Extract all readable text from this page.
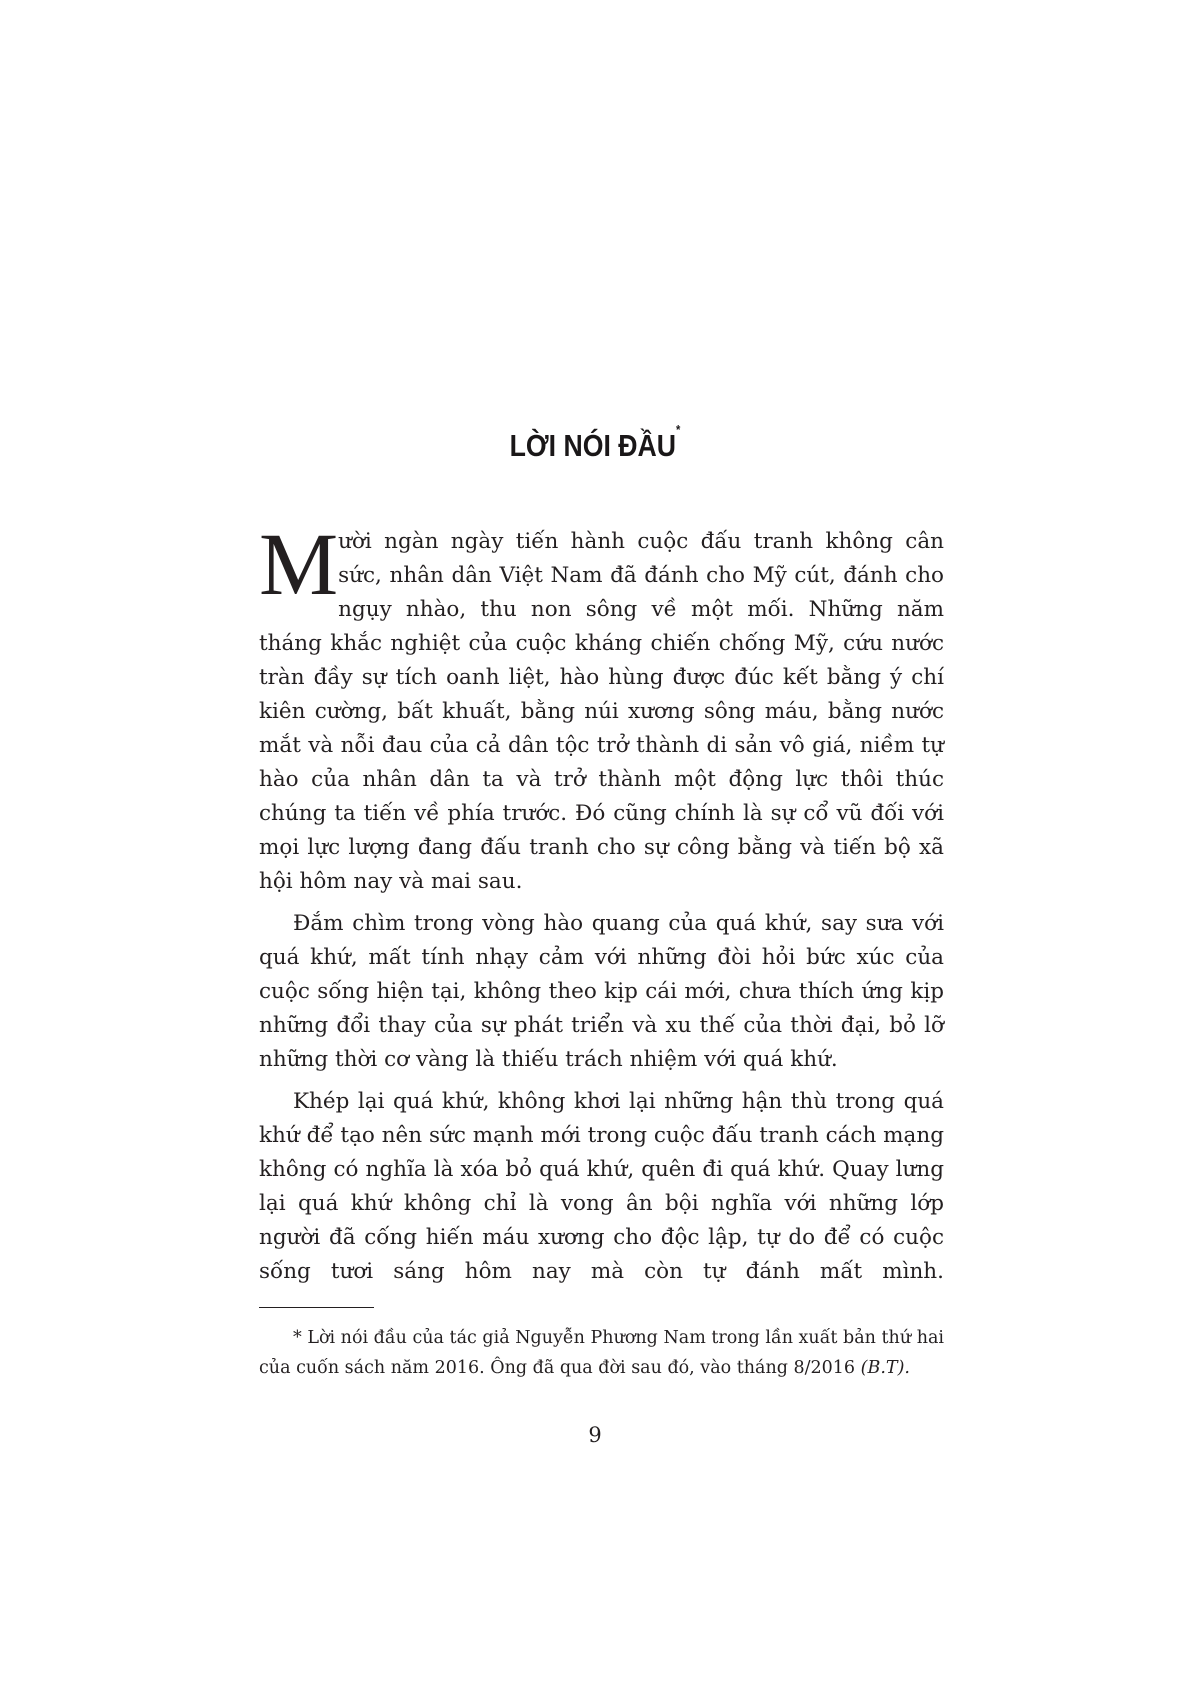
LỜI NÓI ĐẦU*

Mười ngàn ngày tiến hành cuộc đấu tranh không cân sức, nhân dân Việt Nam đã đánh cho Mỹ cút, đánh cho ngụy nhào, thu non sông về một mối. Những năm tháng khắc nghiệt của cuộc kháng chiến chống Mỹ, cứu nước tràn đầy sự tích oanh liệt, hào hùng được đúc kết bằng ý chí kiên cường, bất khuất, bằng núi xương sông máu, bằng nước mắt và nỗi đau của cả dân tộc trở thành di sản vô giá, niềm tự hào của nhân dân ta và trở thành một động lực thôi thúc chúng ta tiến về phía trước. Đó cũng chính là sự cổ vũ đối với mọi lực lượng đang đấu tranh cho sự công bằng và tiến bộ xã hội hôm nay và mai sau.

Đắm chìm trong vòng hào quang của quá khứ, say sưa với quá khứ, mất tính nhạy cảm với những đòi hỏi bức xúc của cuộc sống hiện tại, không theo kịp cái mới, chưa thích ứng kịp những đổi thay của sự phát triển và xu thế của thời đại, bỏ lỡ những thời cơ vàng là thiếu trách nhiệm với quá khứ.

Khép lại quá khứ, không khơi lại những hận thù trong quá khứ để tạo nên sức mạnh mới trong cuộc đấu tranh cách mạng không có nghĩa là xóa bỏ quá khứ, quên đi quá khứ. Quay lưng lại quá khứ không chỉ là vong ân bội nghĩa với những lớp người đã cống hiến máu xương cho độc lập, tự do để có cuộc sống tươi sáng hôm nay mà còn tự đánh mất mình.

* Lời nói đầu của tác giả Nguyễn Phương Nam trong lần xuất bản thứ hai của cuốn sách năm 2016. Ông đã qua đời sau đó, vào tháng 8/2016 (B.T).
9
